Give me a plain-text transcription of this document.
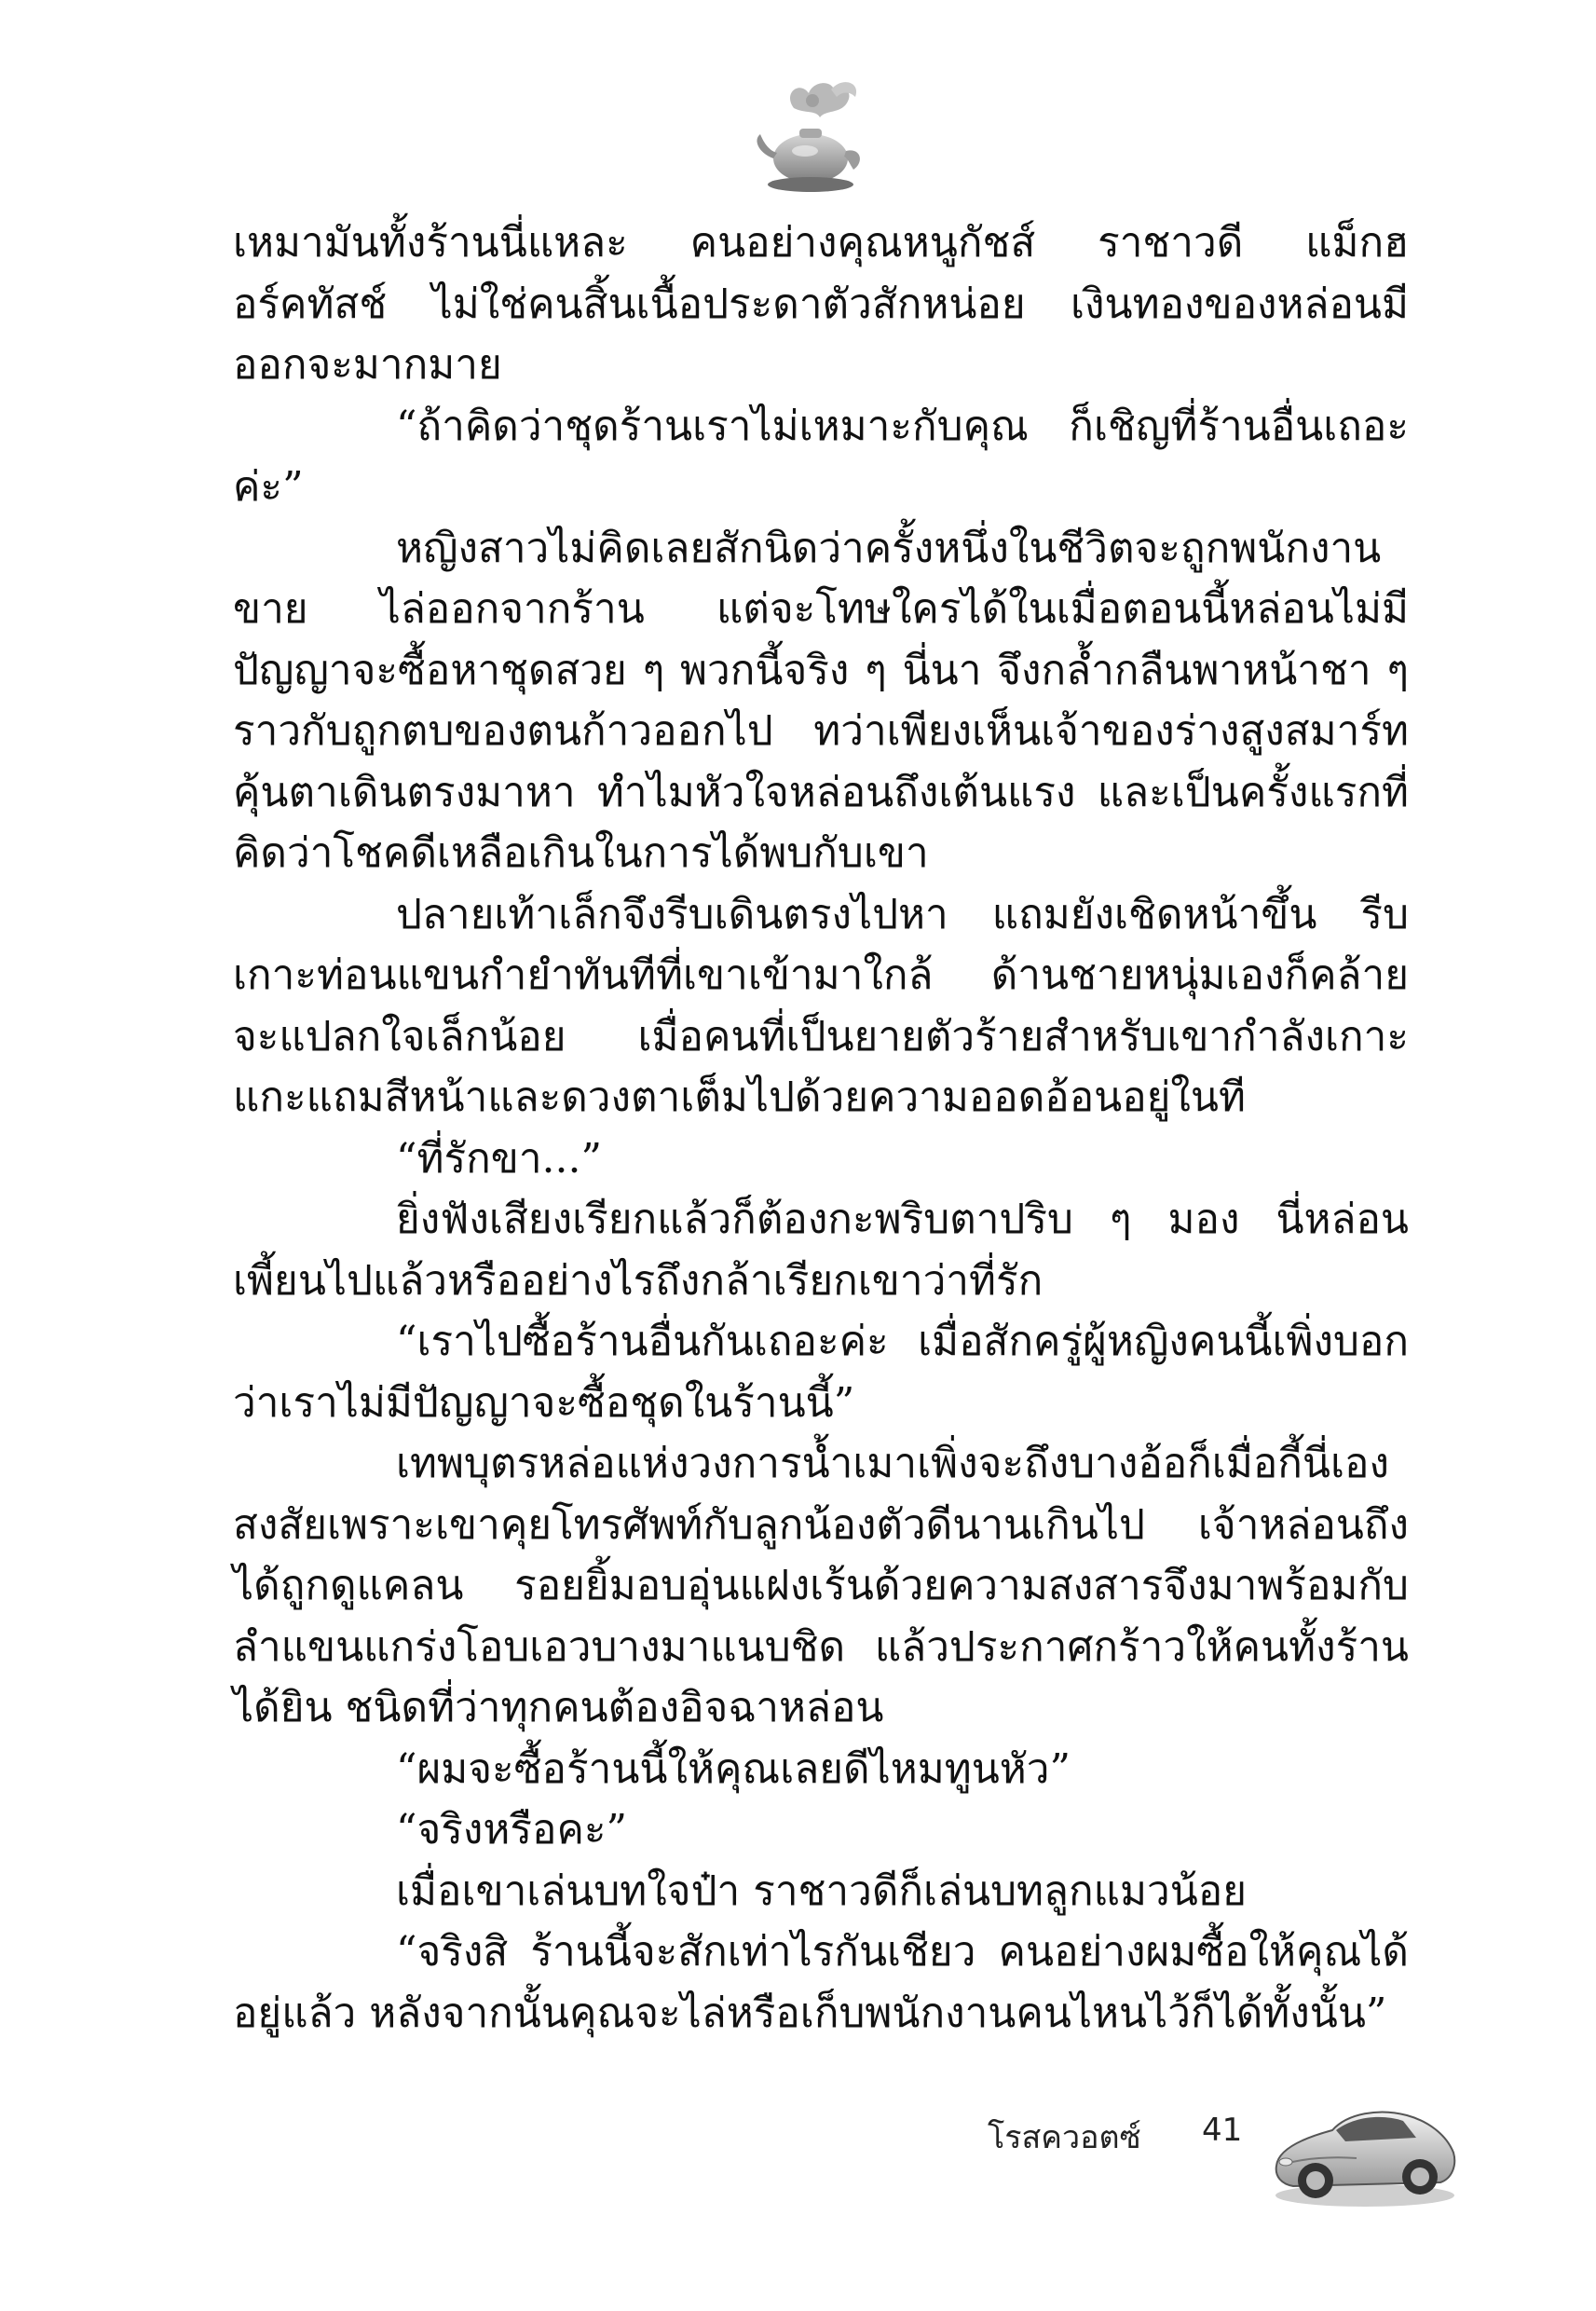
เหมามันทั้งร้านนี่แหละ คนอย่างคุณหนูกัชส์ ราชาวดี แม็กฮอร์คทัสช์ ไม่ใช่คนสิ้นเนื้อประดาตัวสักหน่อย เงินทองของหล่อนมีออกจะมากมาย

“ถ้าคิดว่าชุดร้านเราไม่เหมาะกับคุณ ก็เชิญที่ร้านอื่นเถอะค่ะ”

หญิงสาวไม่คิดเลยสักนิดว่าครั้งหนึ่งในชีวิตจะถูกพนักงานขาย ไล่ออกจากร้าน แต่จะโทษใครได้ในเมื่อตอนนี้หล่อนไม่มีปัญญาจะซื้อหาชุดสวย ๆ พวกนี้จริง ๆ นี่นา จึงกล้ำกลืนพาหน้าชา ๆ ราวกับถูกตบของตนก้าวออกไป ทว่าเพียงเห็นเจ้าของร่างสูงสมาร์ทคุ้นตาเดินตรงมาหา ทำไมหัวใจหล่อนถึงเต้นแรง และเป็นครั้งแรกที่คิดว่าโชคดีเหลือเกินในการได้พบกับเขา

ปลายเท้าเล็กจึงรีบเดินตรงไปหา แถมยังเชิดหน้าขึ้น รีบเกาะท่อนแขนกำยำทันทีที่เขาเข้ามาใกล้ ด้านชายหนุ่มเองก็คล้ายจะแปลกใจเล็กน้อย เมื่อคนที่เป็นยายตัวร้ายสำหรับเขากำลังเกาะแกะแถมสีหน้าและดวงตาเต็มไปด้วยความออดอ้อนอยู่ในที

“ที่รักขา...”

ยิ่งฟังเสียงเรียกแล้วก็ต้องกะพริบตาปริบ ๆ มอง นี่หล่อนเพี้ยนไปแล้วหรืออย่างไรถึงกล้าเรียกเขาว่าที่รัก

“เราไปซื้อร้านอื่นกันเถอะค่ะ เมื่อสักครู่ผู้หญิงคนนี้เพิ่งบอกว่าเราไม่มีปัญญาจะซื้อชุดในร้านนี้”

เทพบุตรหล่อแห่งวงการน้ำเมาเพิ่งจะถึงบางอ้อก็เมื่อกี้นี่เอง สงสัยเพราะเขาคุยโทรศัพท์กับลูกน้องตัวดีนานเกินไป เจ้าหล่อนถึงได้ถูกดูแคลน รอยยิ้มอบอุ่นแฝงเร้นด้วยความสงสารจึงมาพร้อมกับลำแขนแกร่งโอบเอวบางมาแนบชิด แล้วประกาศกร้าวให้คนทั้งร้านได้ยิน ชนิดที่ว่าทุกคนต้องอิจฉาหล่อน

“ผมจะซื้อร้านนี้ให้คุณเลยดีไหมทูนหัว”

“จริงหรือคะ”

เมื่อเขาเล่นบทใจป๋า ราชาวดีก็เล่นบทลูกแมวน้อย

“จริงสิ ร้านนี้จะสักเท่าไรกันเชียว คนอย่างผมซื้อให้คุณได้อยู่แล้ว หลังจากนั้นคุณจะไล่หรือเก็บพนักงานคนไหนไว้ก็ได้ทั้งนั้น”

โรสควอตซ์ 41
